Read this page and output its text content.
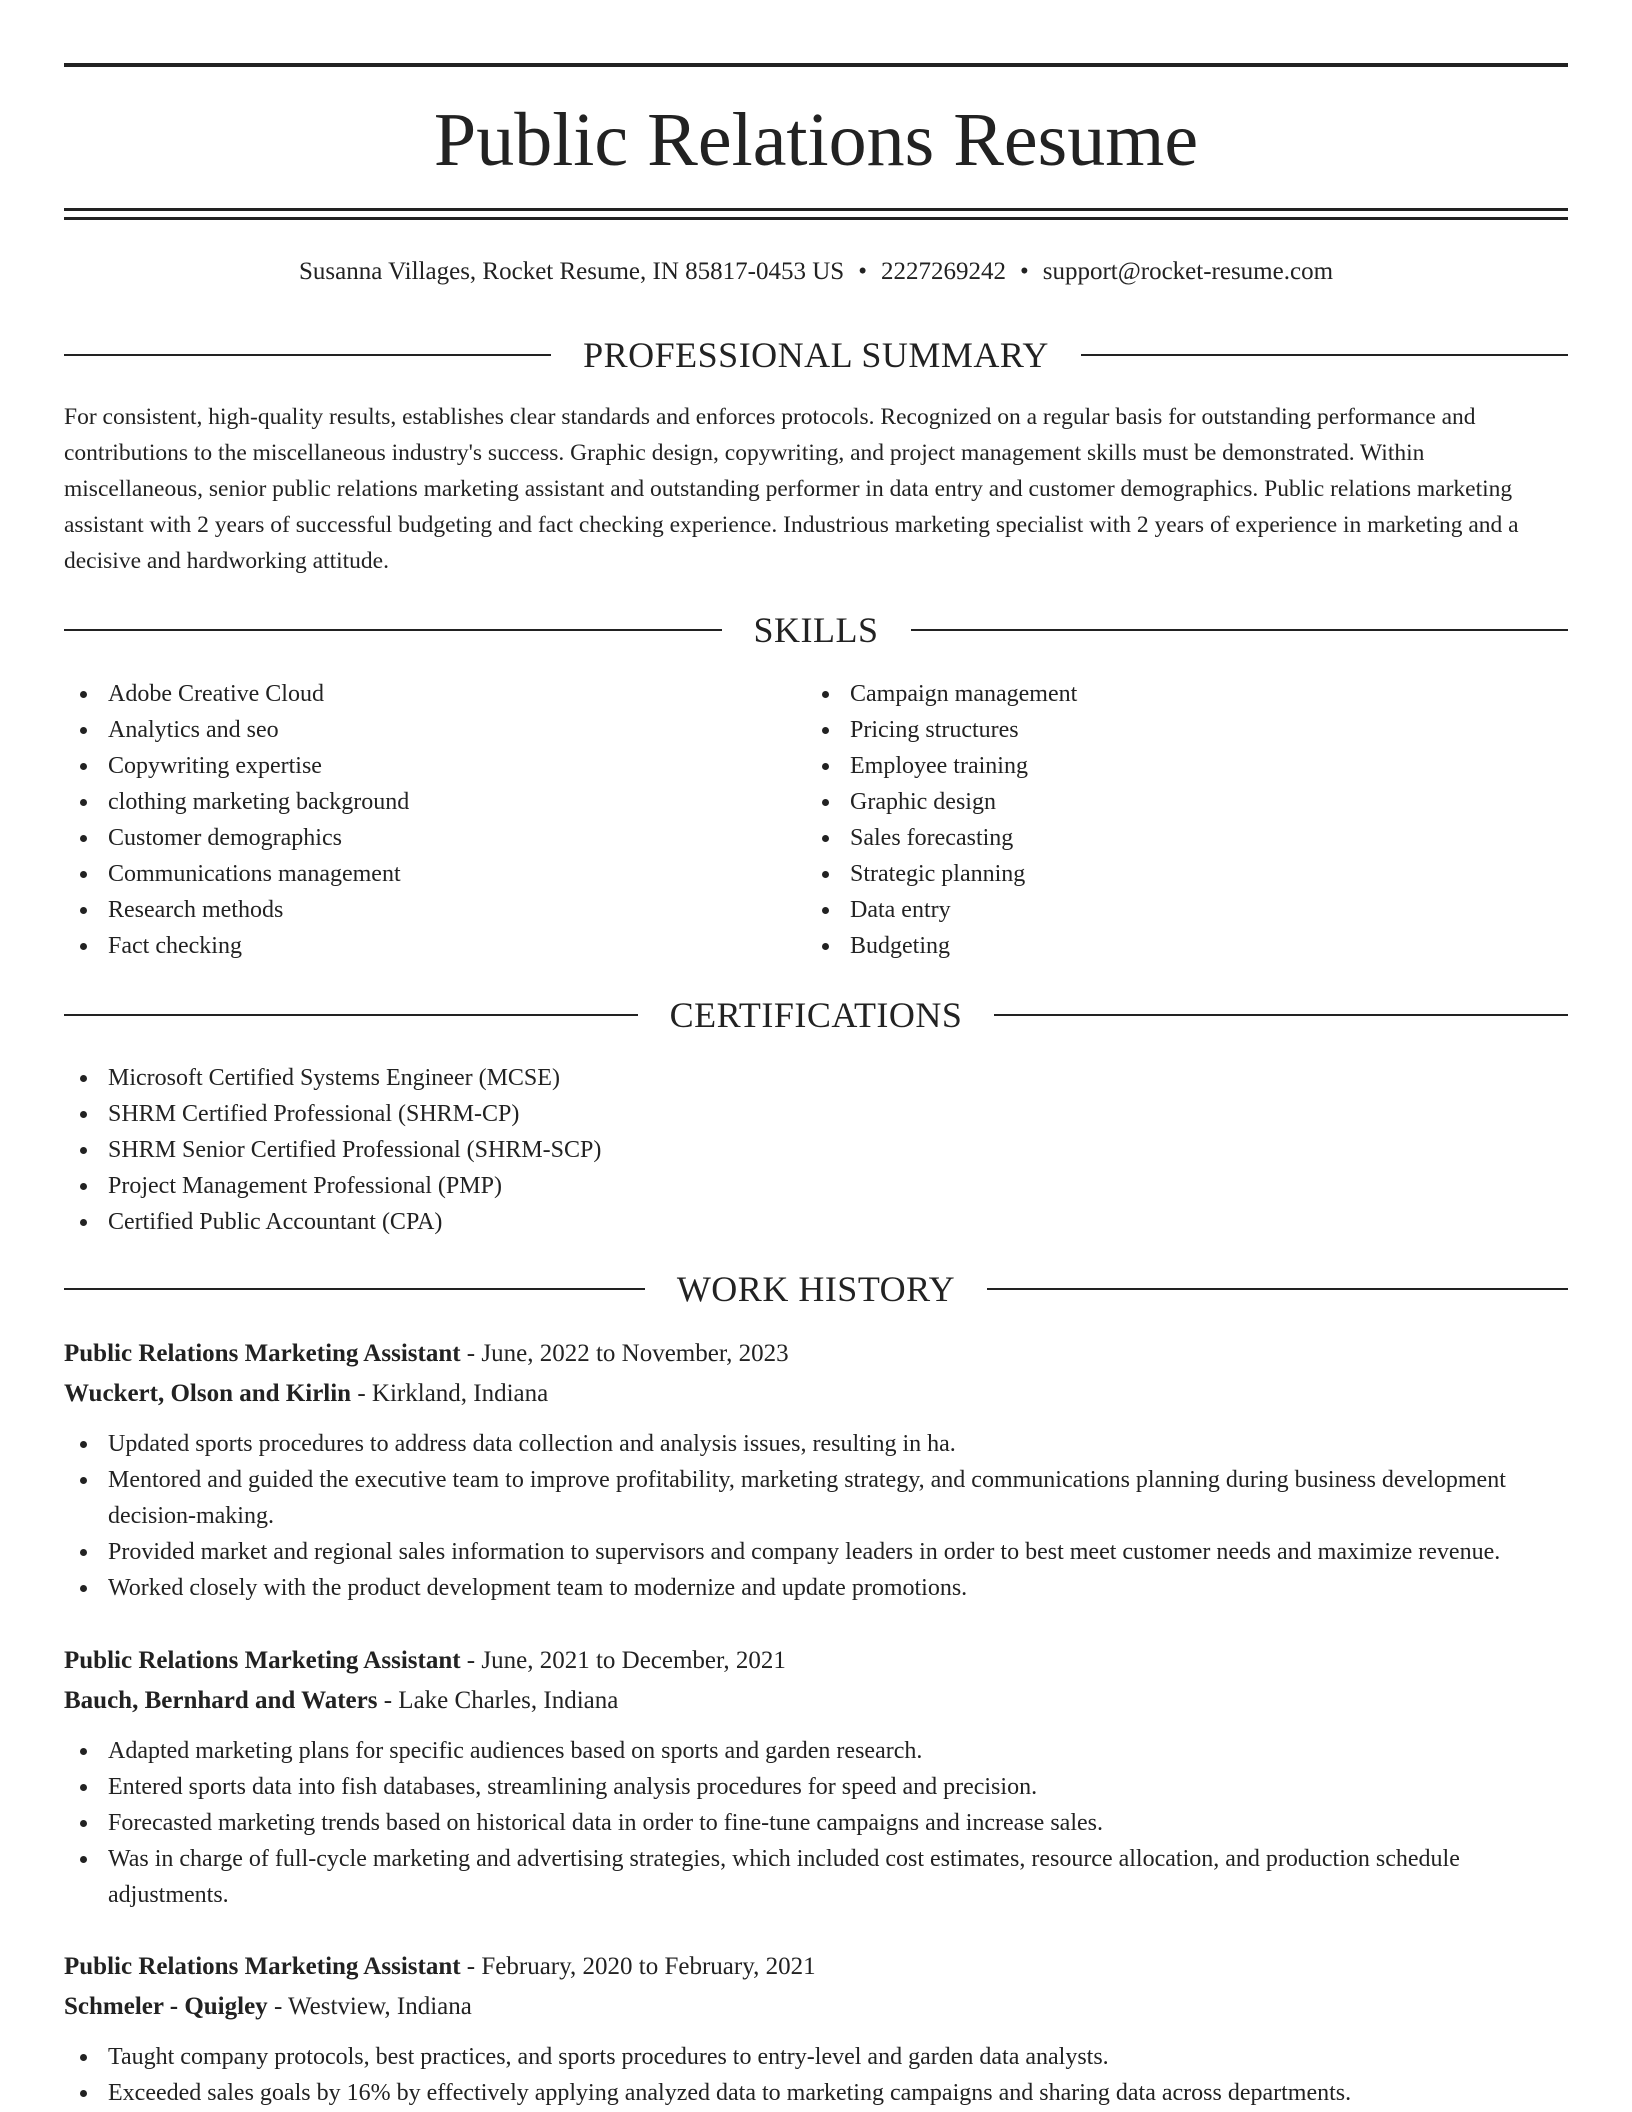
Public Relations Resume
Susanna Villages, Rocket Resume, IN 85817-0453 US • 2227269242 • support@rocket-resume.com
PROFESSIONAL SUMMARY

For consistent, high-quality results, establishes clear standards and enforces protocols. Recognized on a regular basis for outstanding performance and contributions to the miscellaneous industry's success. Graphic design, copywriting, and project management skills must be demonstrated. Within miscellaneous, senior public relations marketing assistant and outstanding performer in data entry and customer demographics. Public relations marketing assistant with 2 years of successful budgeting and fact checking experience. Industrious marketing specialist with 2 years of experience in marketing and a decisive and hardworking attitude.

SKILLS
Adobe Creative Cloud
Analytics and seo
Copywriting expertise
clothing marketing background
Customer demographics
Communications management
Research methods
Fact checking
Campaign management
Pricing structures
Employee training
Graphic design
Sales forecasting
Strategic planning
Data entry
Budgeting
CERTIFICATIONS
Microsoft Certified Systems Engineer (MCSE)
SHRM Certified Professional (SHRM-CP)
SHRM Senior Certified Professional (SHRM-SCP)
Project Management Professional (PMP)
Certified Public Accountant (CPA)
WORK HISTORY
Public Relations Marketing Assistant - June, 2022 to November, 2023
Wuckert, Olson and Kirlin - Kirkland, Indiana
Updated sports procedures to address data collection and analysis issues, resulting in ha.
Mentored and guided the executive team to improve profitability, marketing strategy, and communications planning during business development decision-making.
Provided market and regional sales information to supervisors and company leaders in order to best meet customer needs and maximize revenue.
Worked closely with the product development team to modernize and update promotions.
Public Relations Marketing Assistant - June, 2021 to December, 2021
Bauch, Bernhard and Waters - Lake Charles, Indiana
Adapted marketing plans for specific audiences based on sports and garden research.
Entered sports data into fish databases, streamlining analysis procedures for speed and precision.
Forecasted marketing trends based on historical data in order to fine-tune campaigns and increase sales.
Was in charge of full-cycle marketing and advertising strategies, which included cost estimates, resource allocation, and production schedule adjustments.
Public Relations Marketing Assistant - February, 2020 to February, 2021
Schmeler - Quigley - Westview, Indiana
Taught company protocols, best practices, and sports procedures to entry-level and garden data analysts.
Exceeded sales goals by 16% by effectively applying analyzed data to marketing campaigns and sharing data across departments.
